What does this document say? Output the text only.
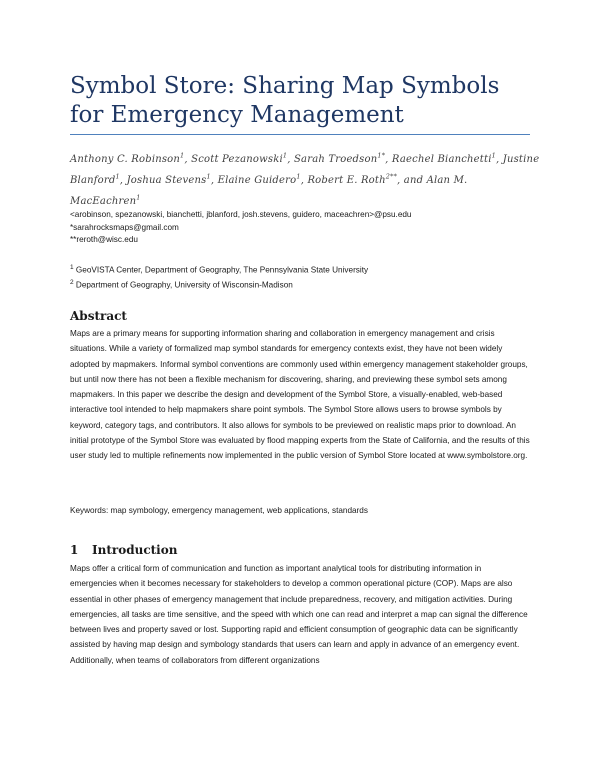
Symbol Store: Sharing Map Symbols for Emergency Management
Anthony C. Robinson$^1$, Scott Pezanowski$^1$, Sarah Troedson$^{1*}$, Raechel Bianchetti$^1$, Justine Blanford$^1$, Joshua Stevens$^1$, Elaine Guidero$^1$, Robert E. Roth$^{2**}$, and Alan M. MacEachren$^1$
<arobinson, spezanowski, bianchetti, jblanford, josh.stevens, guidero, maceachren>@psu.edu
*sarahrocksmaps@gmail.com
**reroth@wisc.edu
$^1$ GeoVISTA Center, Department of Geography, The Pennsylvania State University
$^2$ Department of Geography, University of Wisconsin-Madison
Abstract

Maps are a primary means for supporting information sharing and collaboration in emergency management and crisis situations. While a variety of formalized map symbol standards for emergency contexts exist, they have not been widely adopted by mapmakers. Informal symbol conventions are commonly used within emergency management stakeholder groups, but until now there has not been a flexible mechanism for discovering, sharing, and previewing these symbol sets among mapmakers. In this paper we describe the design and development of the Symbol Store, a visually-enabled, web-based interactive tool intended to help mapmakers share point symbols. The Symbol Store allows users to browse symbols by keyword, category tags, and contributors. It also allows for symbols to be previewed on realistic maps prior to download. An initial prototype of the Symbol Store was evaluated by flood mapping experts from the State of California, and the results of this user study led to multiple refinements now implemented in the public version of Symbol Store located at www.symbolstore.org.

Keywords: map symbology, emergency management, web applications, standards

1 Introduction

Maps offer a critical form of communication and function as important analytical tools for distributing information in emergencies when it becomes necessary for stakeholders to develop a common operational picture (COP). Maps are also essential in other phases of emergency management that include preparedness, recovery, and mitigation activities. During emergencies, all tasks are time sensitive, and the speed with which one can read and interpret a map can signal the difference between lives and property saved or lost. Supporting rapid and efficient consumption of geographic data can be significantly assisted by having map design and symbology standards that users can learn and apply in advance of an emergency event. Additionally, when teams of collaborators from different organizations
